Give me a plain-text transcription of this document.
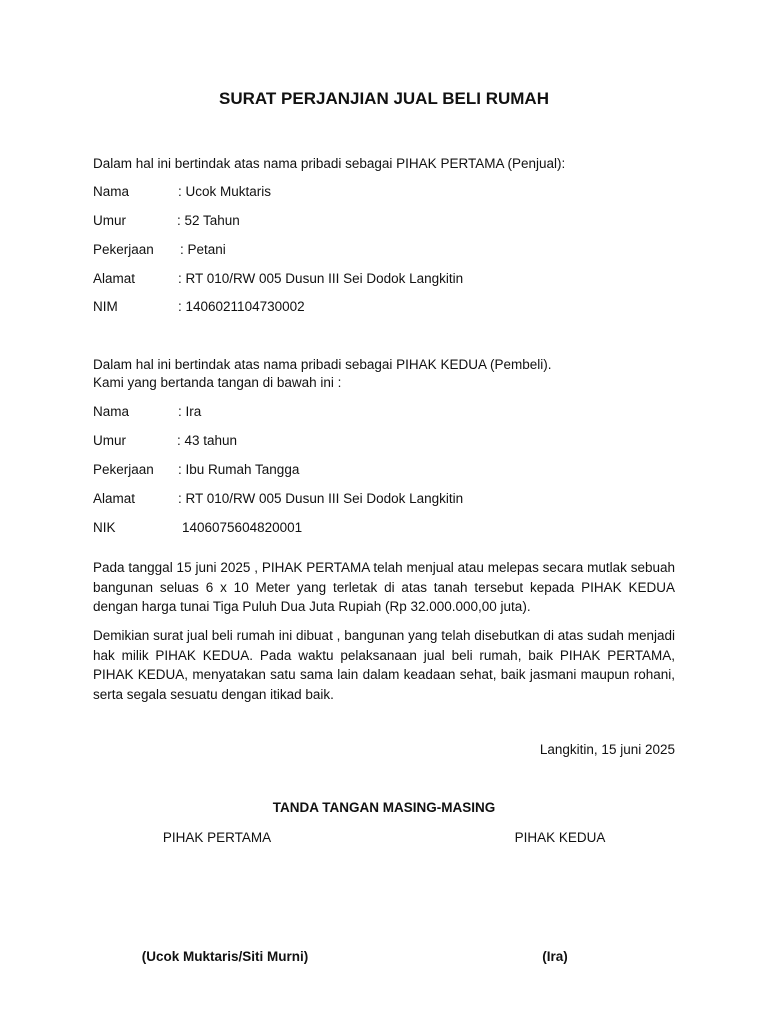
SURAT PERJANJIAN JUAL BELI RUMAH
Dalam hal ini bertindak atas nama pribadi sebagai PIHAK PERTAMA (Penjual):
Nama	: Ucok Muktaris
Umur	: 52 Tahun
Pekerjaan : Petani
Alamat	: RT 010/RW 005 Dusun III Sei Dodok Langkitin
NIM	: 1406021104730002
Dalam hal ini bertindak atas nama pribadi sebagai PIHAK KEDUA (Pembeli).
Kami yang bertanda tangan di bawah ini :
Nama	: Ira
Umur	: 43 tahun
Pekerjaan : Ibu Rumah Tangga
Alamat	: RT 010/RW 005 Dusun III Sei Dodok Langkitin
NIK	1406075604820001
Pada tanggal 15 juni 2025 , PIHAK PERTAMA telah menjual atau melepas secara mutlak sebuah bangunan seluas 6 x 10 Meter yang terletak di atas tanah tersebut kepada PIHAK KEDUA dengan harga tunai Tiga Puluh Dua Juta Rupiah (Rp 32.000.000,00 juta).
Demikian surat jual beli rumah ini dibuat , bangunan yang telah disebutkan di atas sudah menjadi hak milik PIHAK KEDUA. Pada waktu pelaksanaan jual beli rumah, baik PIHAK PERTAMA, PIHAK KEDUA, menyatakan satu sama lain dalam keadaan sehat, baik jasmani maupun rohani, serta segala sesuatu dengan itikad baik.
Langkitin, 15 juni 2025
TANDA TANGAN MASING-MASING
PIHAK PERTAMA	PIHAK KEDUA
(Ucok Muktaris/Siti Murni)	(Ira)
